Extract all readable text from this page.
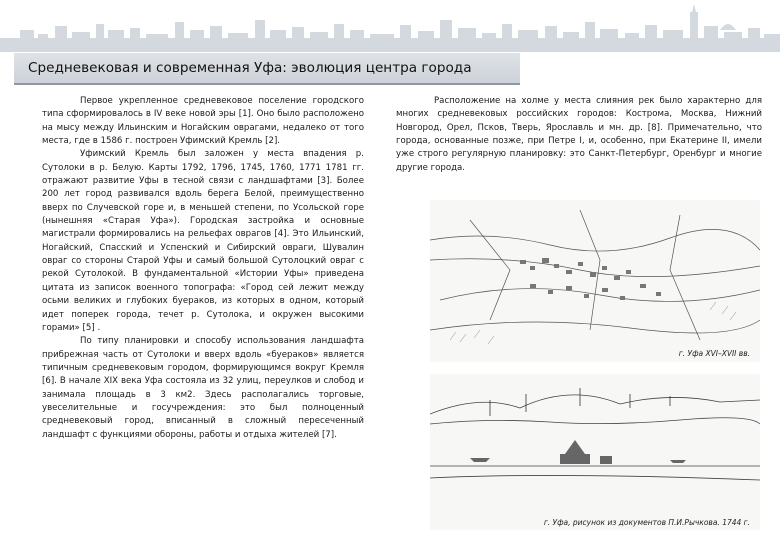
Средневековая и современная Уфа: эволюция центра города

Первое укрепленное средневековое поселение городского типа сформировалось в IV веке новой эры [1]. Оно было расположено на мысу между Ильинским и Ногайским оврагами, недалеко от того места, где в 1586 г. построен Уфимский Кремль [2].

Уфимский Кремль был заложен у места впадения р. Сутолоки в р. Белую. Карты 1792, 1796, 1745, 1760, 1771 1781 гг. отражают развитие Уфы в тесной связи с ландшафтами [3]. Более 200 лет город развивался вдоль берега Белой, преимущественно вверх по Случевской горе и, в меньшей степени, по Усольской горе (нынешняя «Старая Уфа»). Городская застройка и основные магистрали формировались на рельефах оврагов [4]. Это Ильинский, Ногайский, Спасский и Успенский и Сибирский овраги, Шувалин овраг со стороны Старой Уфы и самый большой Сутолоцкий овраг с рекой Сутолокой. В фундаментальной «Истории Уфы» приведена цитата из записок военного топографа: «Город сей лежит между осьми великих и глубоких буераков, из которых в одном, который идет поперек города, течет р. Сутолока, и окружен высокими горами» [5] .

По типу планировки и способу использования ландшафта прибрежная часть от Сутолоки и вверх вдоль «буераков» является типичным средневековым городом, формирующимся вокруг Кремля [6]. В начале XIX века Уфа состояла из 32 улиц, переулков и слобод и занимала площадь в 3 км2. Здесь располагались торговые, увеселительные и госучреждения: это был полноценный средневековый город, вписанный в сложный пересеченный ландшафт с функциями обороны, работы и отдыха жителей [7].

Расположение на холме у места слияния рек было характерно для многих средневековых российских городов: Кострома, Москва, Нижний Новгород, Орел, Псков, Тверь, Ярославль и мн. др. [8]. Примечательно, что города, основанные позже, при Петре I, и, особенно, при Екатерине II, имели уже строго регулярную планировку: это Санкт-Петербург, Оренбург и многие другие города.

г. Уфа XVI–XVII вв.
г. Уфа, рисунок из документов П.И.Рычкова. 1744 г.
